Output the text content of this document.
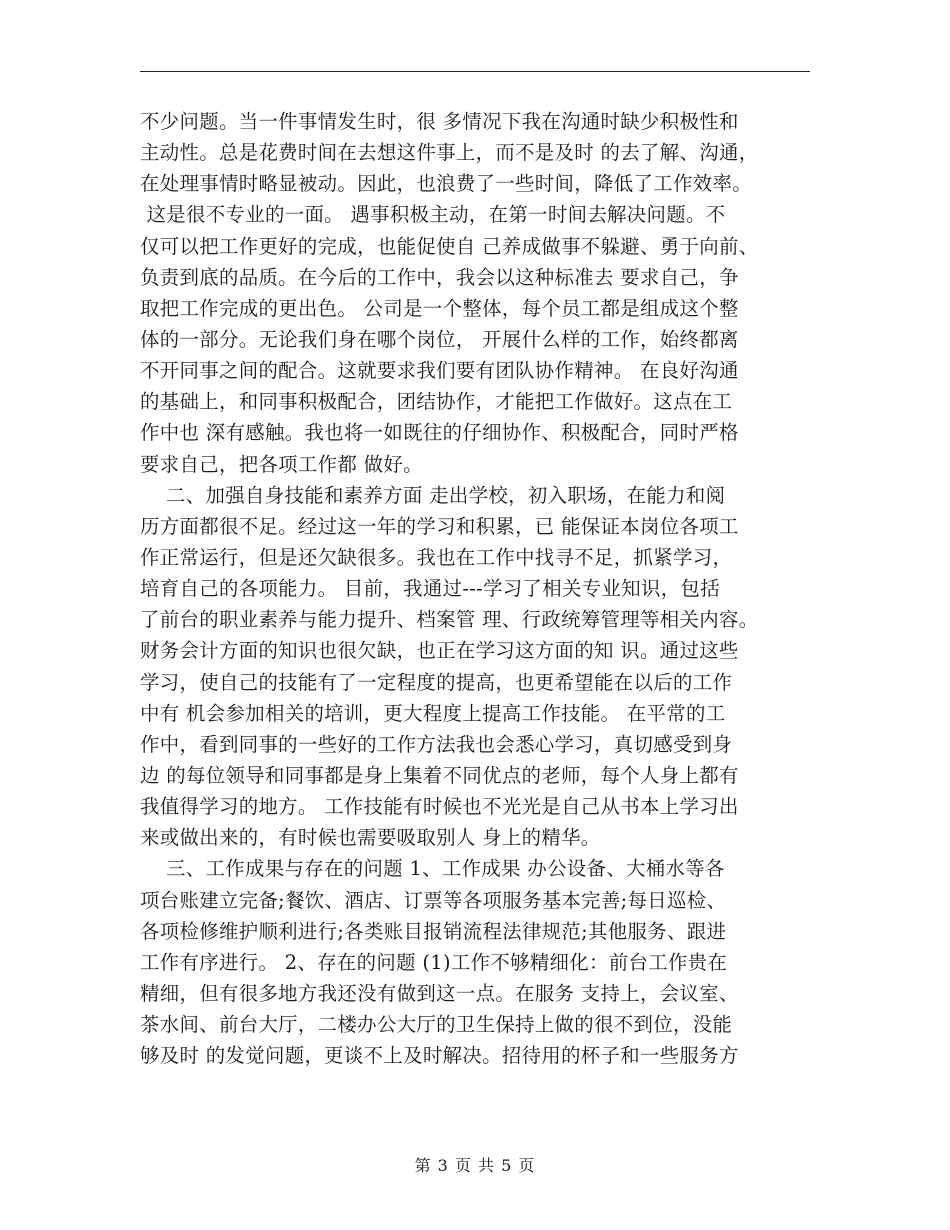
不少问题。当一件事情发生时，很 多情况下我在沟通时缺少积极性和
主动性。总是花费时间在去想这件事上，而不是及时 的去了解、沟通，
在处理事情时略显被动。因此，也浪费了一些时间，降低了工作效率。
这是很不专业的一面。 遇事积极主动，在第一时间去解决问题。不
仅可以把工作更好的完成，也能促使自 己养成做事不躲避、勇于向前、
负责到底的品质。在今后的工作中，我会以这种标准去 要求自己，争
取把工作完成的更出色。 公司是一个整体，每个员工都是组成这个整
体的一部分。无论我们身在哪个岗位， 开展什么样的工作，始终都离
不开同事之间的配合。这就要求我们要有团队协作精神。 在良好沟通
的基础上，和同事积极配合，团结协作，才能把工作做好。这点在工
作中也 深有感触。我也将一如既往的仔细协作、积极配合，同时严格
要求自己，把各项工作都 做好。
二、加强自身技能和素养方面 走出学校，初入职场，在能力和阅
历方面都很不足。经过这一年的学习和积累，已 能保证本岗位各项工
作正常运行，但是还欠缺很多。我也在工作中找寻不足，抓紧学习，
培育自己的各项能力。 目前，我通过---学习了相关专业知识，包括
了前台的职业素养与能力提升、档案管 理、行政统筹管理等相关内容。
财务会计方面的知识也很欠缺，也正在学习这方面的知 识。通过这些
学习，使自己的技能有了一定程度的提高，也更希望能在以后的工作
中有 机会参加相关的培训，更大程度上提高工作技能。 在平常的工
作中，看到同事的一些好的工作方法我也会悉心学习，真切感受到身
边 的每位领导和同事都是身上集着不同优点的老师，每个人身上都有
我值得学习的地方。 工作技能有时候也不光光是自己从书本上学习出
来或做出来的，有时候也需要吸取别人 身上的精华。
三、工作成果与存在的问题 1、工作成果 办公设备、大桶水等各
项台账建立完备;餐饮、酒店、订票等各项服务基本完善;每日巡检、
各项检修维护顺利进行;各类账目报销流程法律规范;其他服务、跟进
工作有序进行。 2、存在的问题 (1)工作不够精细化：前台工作贵在
精细，但有很多地方我还没有做到这一点。在服务 支持上，会议室、
茶水间、前台大厅，二楼办公大厅的卫生保持上做的很不到位，没能
够及时 的发觉问题，更谈不上及时解决。招待用的杯子和一些服务方
第 3 页 共 5 页
